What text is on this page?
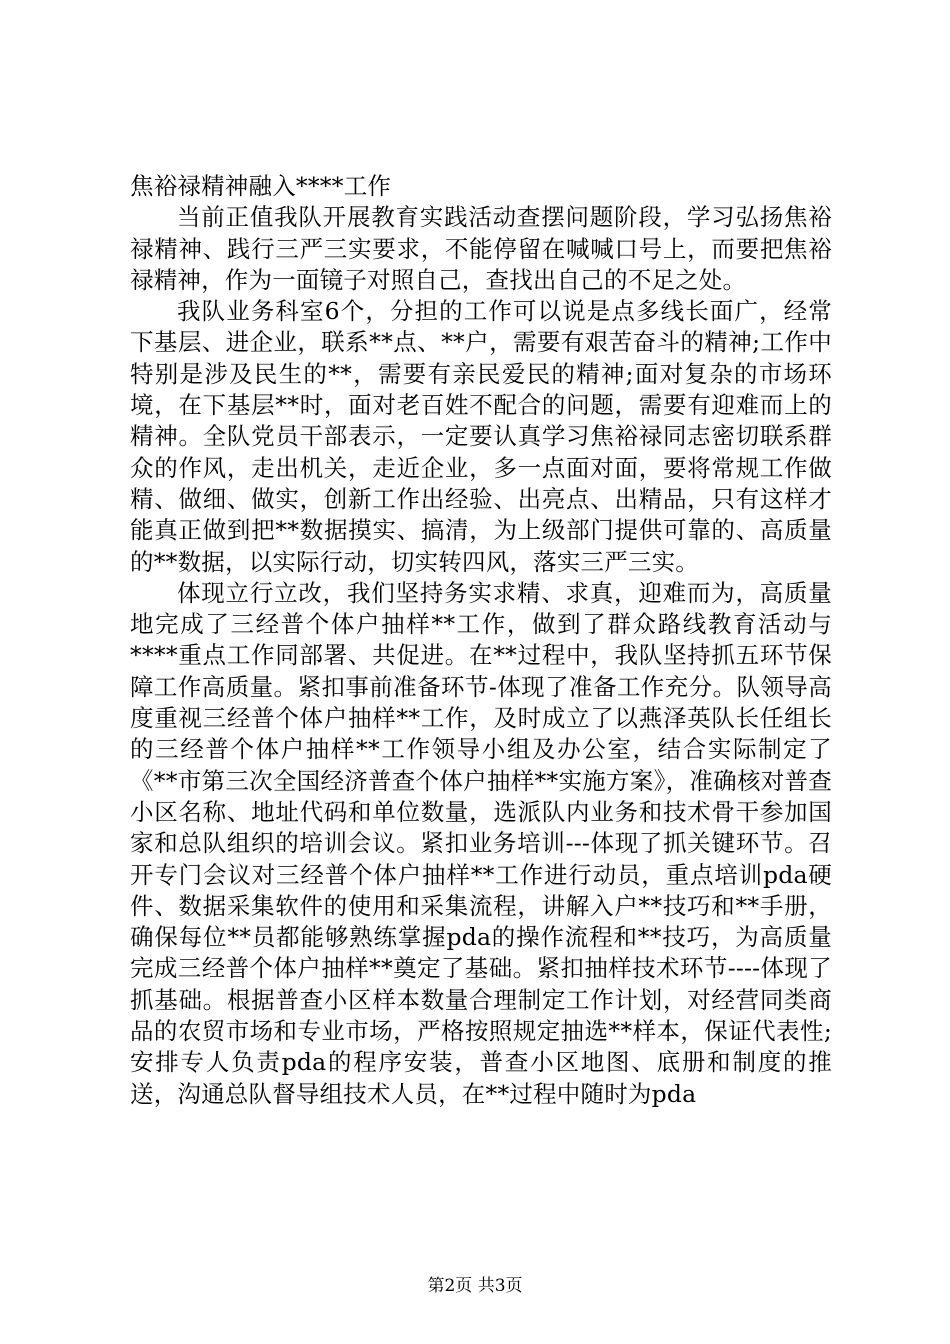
焦裕禄精神融入****工作

当前正值我队开展教育实践活动查摆问题阶段，学习弘扬焦裕禄精神、践行三严三实要求，不能停留在喊喊口号上，而要把焦裕禄精神，作为一面镜子对照自己，查找出自己的不足之处。

我队业务科室6个，分担的工作可以说是点多线长面广，经常下基层、进企业，联系**点、**户，需要有艰苦奋斗的精神;工作中特别是涉及民生的**，需要有亲民爱民的精神;面对复杂的市场环境，在下基层**时，面对老百姓不配合的问题，需要有迎难而上的精神。全队党员干部表示，一定要认真学习焦裕禄同志密切联系群众的作风，走出机关，走近企业，多一点面对面，要将常规工作做精、做细、做实，创新工作出经验、出亮点、出精品，只有这样才能真正做到把**数据摸实、搞清，为上级部门提供可靠的、高质量的**数据，以实际行动，切实转四风，落实三严三实。

体现立行立改，我们坚持务实求精、求真，迎难而为，高质量地完成了三经普个体户抽样**工作，做到了群众路线教育活动与****重点工作同部署、共促进。在**过程中，我队坚持抓五环节保障工作高质量。紧扣事前准备环节-体现了准备工作充分。队领导高度重视三经普个体户抽样**工作，及时成立了以燕泽英队长任组长的三经普个体户抽样**工作领导小组及办公室，结合实际制定了《**市第三次全国经济普查个体户抽样**实施方案》，准确核对普查小区名称、地址代码和单位数量，选派队内业务和技术骨干参加国家和总队组织的培训会议。紧扣业务培训---体现了抓关键环节。召开专门会议对三经普个体户抽样**工作进行动员，重点培训pda硬件、数据采集软件的使用和采集流程，讲解入户**技巧和**手册，确保每位**员都能够熟练掌握pda的操作流程和**技巧，为高质量完成三经普个体户抽样**奠定了基础。紧扣抽样技术环节----体现了抓基础。根据普查小区样本数量合理制定工作计划，对经营同类商品的农贸市场和专业市场，严格按照规定抽选**样本，保证代表性;安排专人负责pda的程序安装，普查小区地图、底册和制度的推送，沟通总队督导组技术人员，在**过程中随时为pda

第2页 共3页
